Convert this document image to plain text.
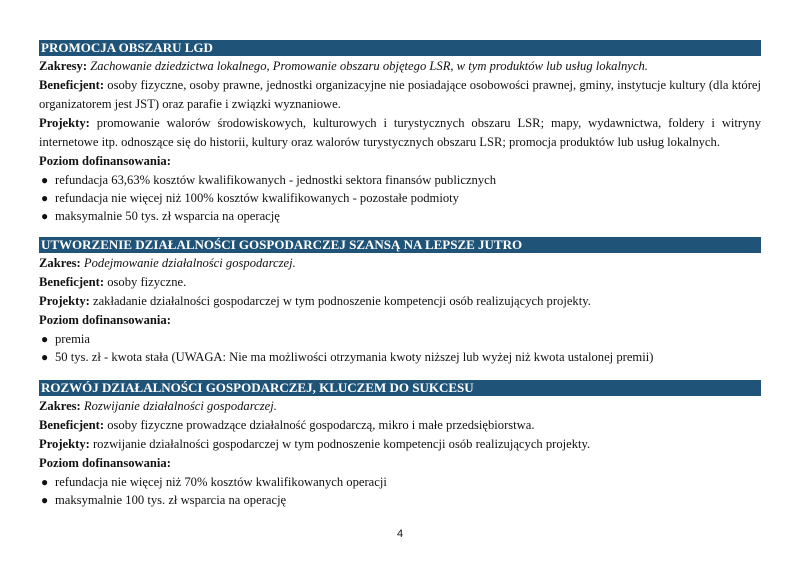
PROMOCJA OBSZARU LGD
Zakresy: Zachowanie dziedzictwa lokalnego, Promowanie obszaru objętego LSR, w tym produktów lub usług lokalnych.
Beneficjent: osoby fizyczne, osoby prawne, jednostki organizacyjne nie posiadające osobowości prawnej, gminy, instytucje kultury (dla której organizatorem jest JST) oraz parafie i związki wyznaniowe.
Projekty: promowanie walorów środowiskowych, kulturowych i turystycznych obszaru LSR; mapy, wydawnictwa, foldery i witryny internetowe itp. odnoszące się do historii, kultury oraz walorów turystycznych obszaru LSR; promocja produktów lub usług lokalnych.
Poziom dofinansowania:
● refundacja 63,63% kosztów kwalifikowanych - jednostki sektora finansów publicznych
● refundacja nie więcej niż 100% kosztów kwalifikowanych - pozostałe podmioty
● maksymalnie 50 tys. zł wsparcia na operację
UTWORZENIE DZIAŁALNOŚCI GOSPODARCZEJ SZANSĄ NA LEPSZE JUTRO
Zakres: Podejmowanie działalności gospodarczej.
Beneficjent: osoby fizyczne.
Projekty: zakładanie działalności gospodarczej w tym podnoszenie kompetencji osób realizujących projekty.
Poziom dofinansowania:
● premia
● 50 tys. zł - kwota stała (UWAGA: Nie ma możliwości otrzymania kwoty niższej lub wyżej niż kwota ustalonej premii)
ROZWÓJ DZIAŁALNOŚCI GOSPODARCZEJ, KLUCZEM DO SUKCESU
Zakres: Rozwijanie działalności gospodarczej.
Beneficjent: osoby fizyczne prowadzące działalność gospodarczą, mikro i małe przedsiębiorstwa.
Projekty: rozwijanie działalności gospodarczej w tym podnoszenie kompetencji osób realizujących projekty.
Poziom dofinansowania:
● refundacja nie więcej niż 70% kosztów kwalifikowanych operacji
● maksymalnie 100 tys. zł wsparcia na operację
4
